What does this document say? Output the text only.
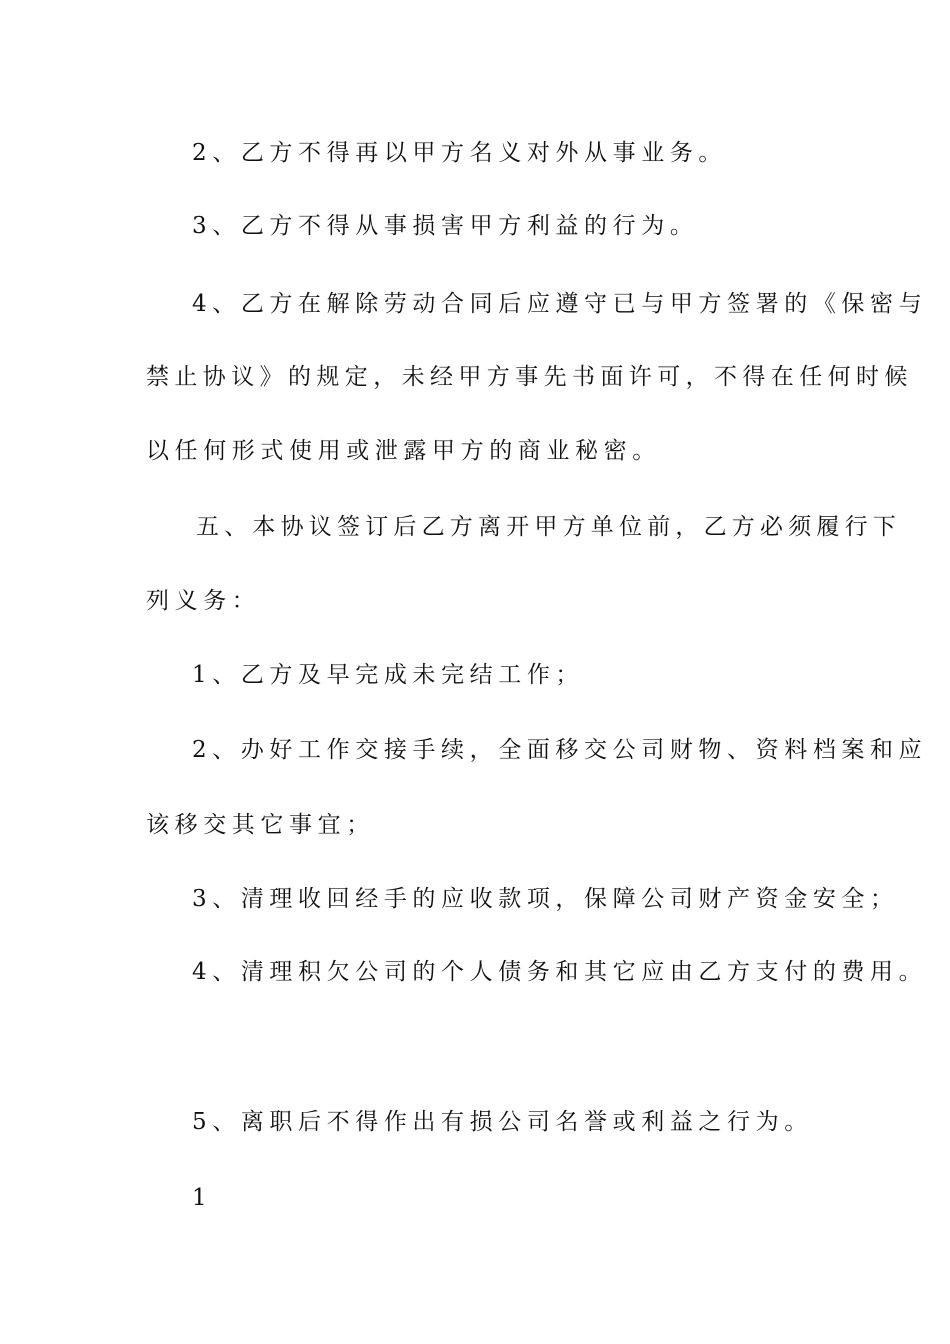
2、乙方不得再以甲方名义对外从事业务。
3、乙方不得从事损害甲方利益的行为。
4、乙方在解除劳动合同后应遵守已与甲方签署的《保密与
禁止协议》的规定，未经甲方事先书面许可，不得在任何时候
以任何形式使用或泄露甲方的商业秘密。
五、本协议签订后乙方离开甲方单位前，乙方必须履行下
列义务：
1、乙方及早完成未完结工作；
2、办好工作交接手续，全面移交公司财物、资料档案和应
该移交其它事宜；
3、清理收回经手的应收款项，保障公司财产资金安全；
4、清理积欠公司的个人债务和其它应由乙方支付的费用。
5、离职后不得作出有损公司名誉或利益之行为。
1
